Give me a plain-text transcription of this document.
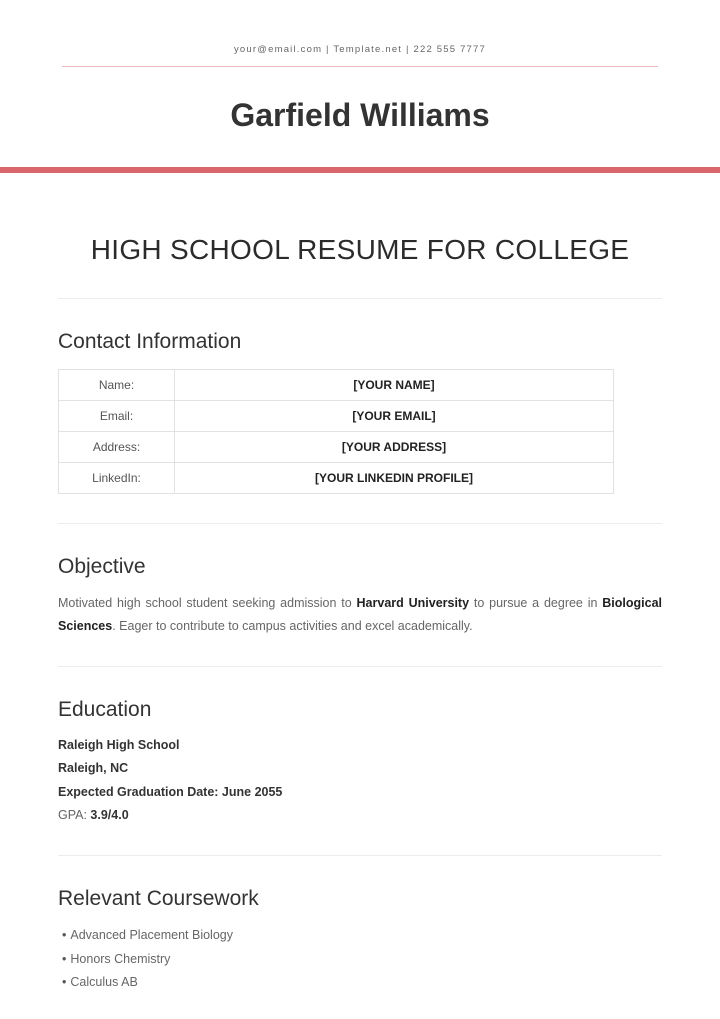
your@email.com | Template.net | 222 555 7777
Garfield Williams
HIGH SCHOOL RESUME FOR COLLEGE
Contact Information
Name:	[YOUR NAME]
Email:	[YOUR EMAIL]
Address:	[YOUR ADDRESS]
LinkedIn:	[YOUR LINKEDIN PROFILE]
Objective
Motivated high school student seeking admission to Harvard University to pursue a degree in Biological Sciences. Eager to contribute to campus activities and excel academically.
Education
Raleigh High School
Raleigh, NC
Expected Graduation Date: June 2055
GPA: 3.9/4.0
Relevant Coursework
• Advanced Placement Biology
• Honors Chemistry
• Calculus AB
